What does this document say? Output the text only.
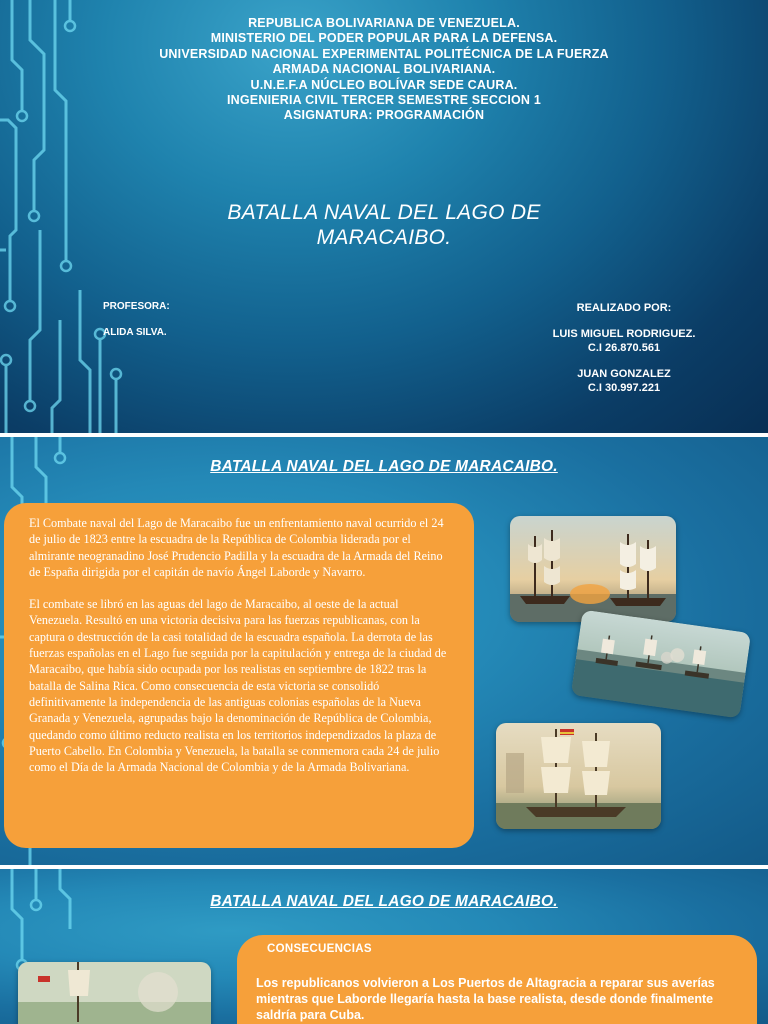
REPUBLICA BOLIVARIANA DE VENEZUELA.
MINISTERIO DEL PODER POPULAR PARA LA DEFENSA.
UNIVERSIDAD NACIONAL EXPERIMENTAL POLITÉCNICA DE LA FUERZA
ARMADA NACIONAL BOLIVARIANA.
U.N.E.F.A NÚCLEO BOLÍVAR SEDE CAURA.
INGENIERIA CIVIL TERCER SEMESTRE SECCION 1
ASIGNATURA: PROGRAMACIÓN
BATALLA NAVAL DEL LAGO DE
MARACAIBO.
PROFESORA:
ALIDA SILVA.
REALIZADO POR:
LUIS MIGUEL RODRIGUEZ.
C.I 26.870.561
JUAN GONZALEZ
C.I 30.997.221
BATALLA NAVAL DEL LAGO DE MARACAIBO.

El Combate naval del Lago de Maracaibo fue un enfrentamiento naval ocurrido el 24 de julio de 1823 entre la escuadra de la República de Colombia liderada por el almirante neogranadino José Prudencio Padilla y la escuadra de la Armada del Reino de España dirigida por el capitán de navío Ángel Laborde y Navarro.

El combate se libró en las aguas del lago de Maracaibo, al oeste de la actual Venezuela. Resultó en una victoria decisiva para las fuerzas republicanas, con la captura o destrucción de la casi totalidad de la escuadra española. La derrota de las fuerzas españolas en el Lago fue seguida por la capitulación y entrega de la ciudad de Maracaibo, que había sido ocupada por los realistas en septiembre de 1822 tras la batalla de Salina Rica. Como consecuencia de esta victoria se consolidó definitivamente la independencia de las antiguas colonias españolas de la Nueva Granada y Venezuela, agrupadas bajo la denominación de República de Colombia, quedando como último reducto realista en los territorios independizados la plaza de Puerto Cabello. En Colombia y Venezuela, la batalla se conmemora cada 24 de julio como el Día de la Armada Nacional de Colombia y de la Armada Bolivariana.

BATALLA NAVAL DEL LAGO DE MARACAIBO.
CONSECUENCIAS
Los republicanos volvieron a Los Puertos de Altagracia a reparar sus averías mientras que Laborde llegaría hasta la base realista, desde donde finalmente saldría para Cuba.
